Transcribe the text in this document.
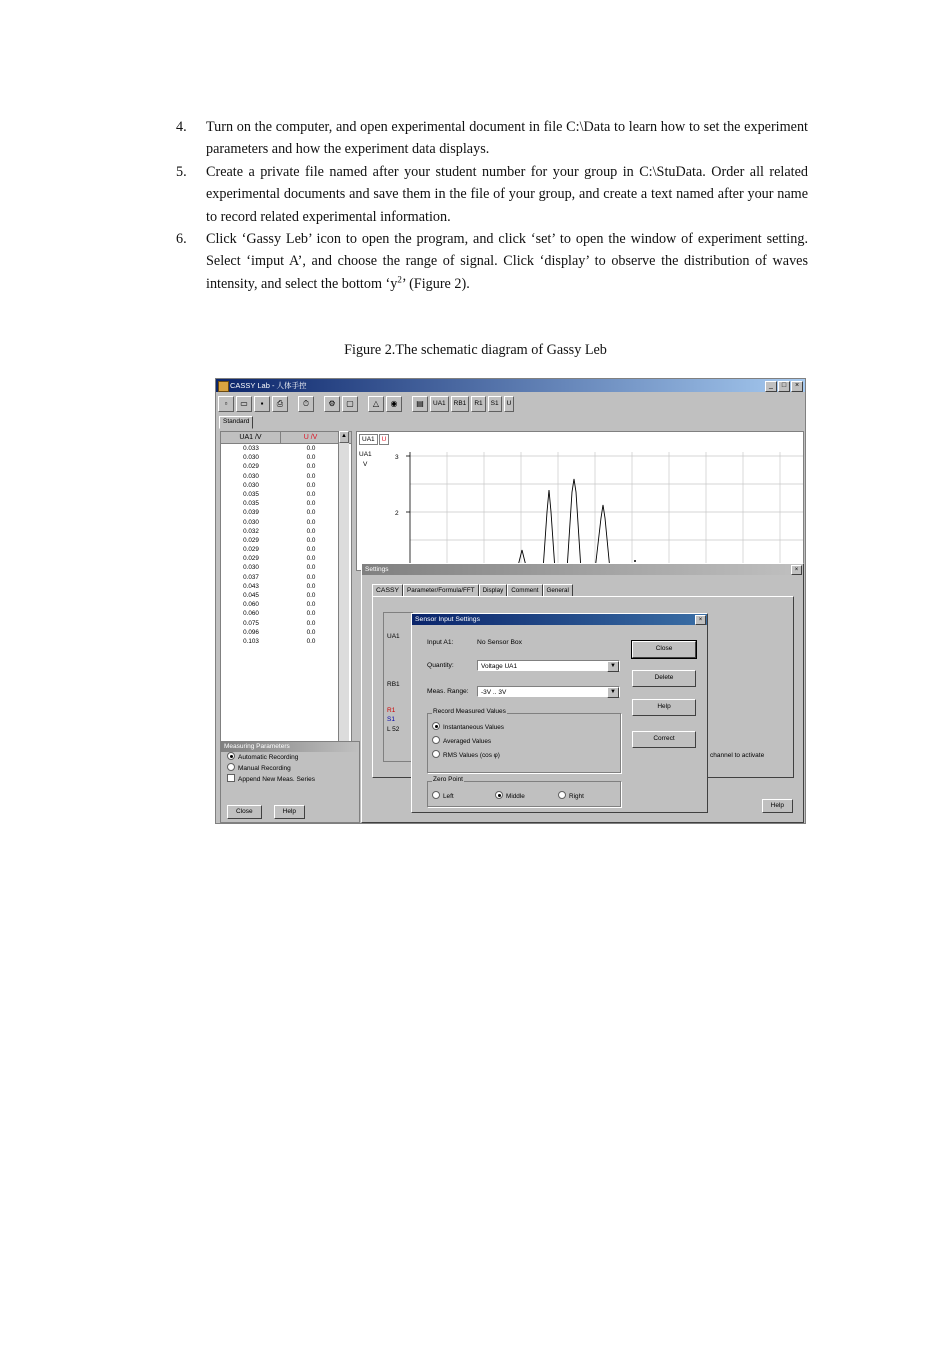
4.	Turn on the computer, and open experimental document in file C:\Data to learn how to set the experiment parameters and how the experiment data displays.
5.	Create a private file named after your student number for your group in C:\StuData. Order all related experimental documents and save them in the file of your group, and create a text named after your name to record related experimental information.
6.	Click ‘Gassy Leb’ icon to open the program, and click ‘set’ to open the window of experiment setting. Select ‘imput A’, and choose the range of signal. Click ‘display’ to observe the distribution of waves intensity, and select the bottom ‘$y^2$’ (Figure 2).
Figure 2.The schematic diagram of Gassy Leb
CASSY Lab - 人体手控	_	□	×
▫	▭	▪	⎙	⏱	⚙	▢	△	◉	▤	UA1	RB1	R1	S1	U
Standard
UA1 /V	U /V
0.033	0.0
0.030	0.0
0.029	0.0
0.030	0.0
0.030	0.0
0.035	0.0
0.035	0.0
0.039	0.0
0.030	0.0
0.032	0.0
0.029	0.0
0.029	0.0
0.029	0.0
0.030	0.0
0.037	0.0
0.043	0.0
0.045	0.0
0.060	0.0
0.060	0.0
0.075	0.0
0.096	0.0
0.103	0.0
▲	UA1	U
UA1
V
3
2
Measuring Parameters
Automatic Recording
Manual Recording
Append New Meas. Series
Close	Help
Settings	×
CASSY	Parameter/Formula/FFT	Display	Comment	General
UA1
RB1
R1
S1
L 52
channel to activate
Help
Sensor Input Settings	×
Input A1:	No Sensor Box
Quantity:	Voltage UA1	▼
Meas. Range:	-3V .. 3V	▼
Record Measured Values
Instantaneous Values
Averaged Values
RMS Values (cos φ)
Zero Point
Left	Middle	Right
Close
Delete
Help
Correct
